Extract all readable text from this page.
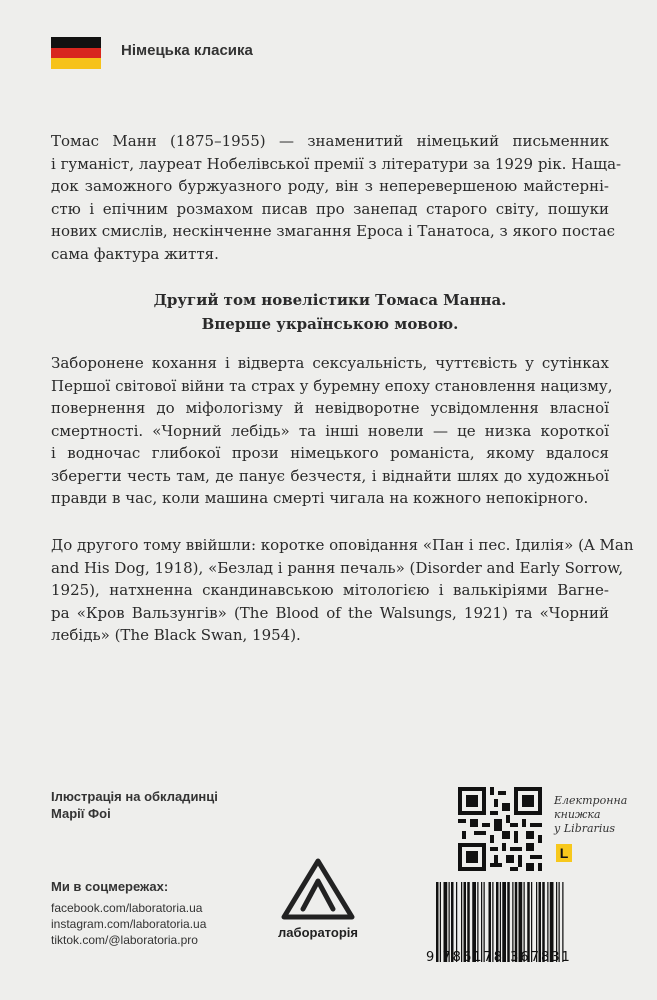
Німецька класика
Томас Манн (1875–1955) — знаменитий німецький письменник
і гуманіст, лауреат Нобелівської премії з літератури за 1929 рік. Нащa-
док заможного буржуазного роду, він з неперевершеною майстерні-
стю і епічним розмахом писав про занепад старого світу, пошуки
нових смислів, нескінченне змагання Ероса і Танатоса, з якого постає
сама фактура життя.
Другий том новелістики Томаса Манна.
Вперше українською мовою.
Заборонене кохання і відверта сексуальність, чуттєвість у сутінках
Першої світової війни та страх у буремну епоху становлення нацизму,
повернення до міфологізму й невідворотне усвідомлення власної
смертності. «Чорний лебідь» та інші новели — це низка короткої
і водночас глибокої прози німецького романіста, якому вдалося
зберегти честь там, де панує безчестя, і віднайти шлях до художньої
правди в час, коли машина смерті чигала на кожного непокірного.
До другого тому ввійшли: коротке оповідання «Пан і пес. Ідилія» (A Man
and His Dog, 1918), «Безлад і рання печаль» (Disorder and Early Sorrow,
1925), натхненна скандинавською мітологією і валькіріями Вагне-
ра «Кров Вальзунгів» (The Blood of the Walsungs, 1921) та «Чорний
лебідь» (The Black Swan, 1954).
Ілюстрація на обкладинці
Марії Фоі
Ми в соцмережах:
facebook.com/laboratoria.ua
instagram.com/laboratoria.ua
tiktok.com/@laboratoria.pro	лабораторія
Електронна
книжка
у Librarius
L
9 786178 367831
